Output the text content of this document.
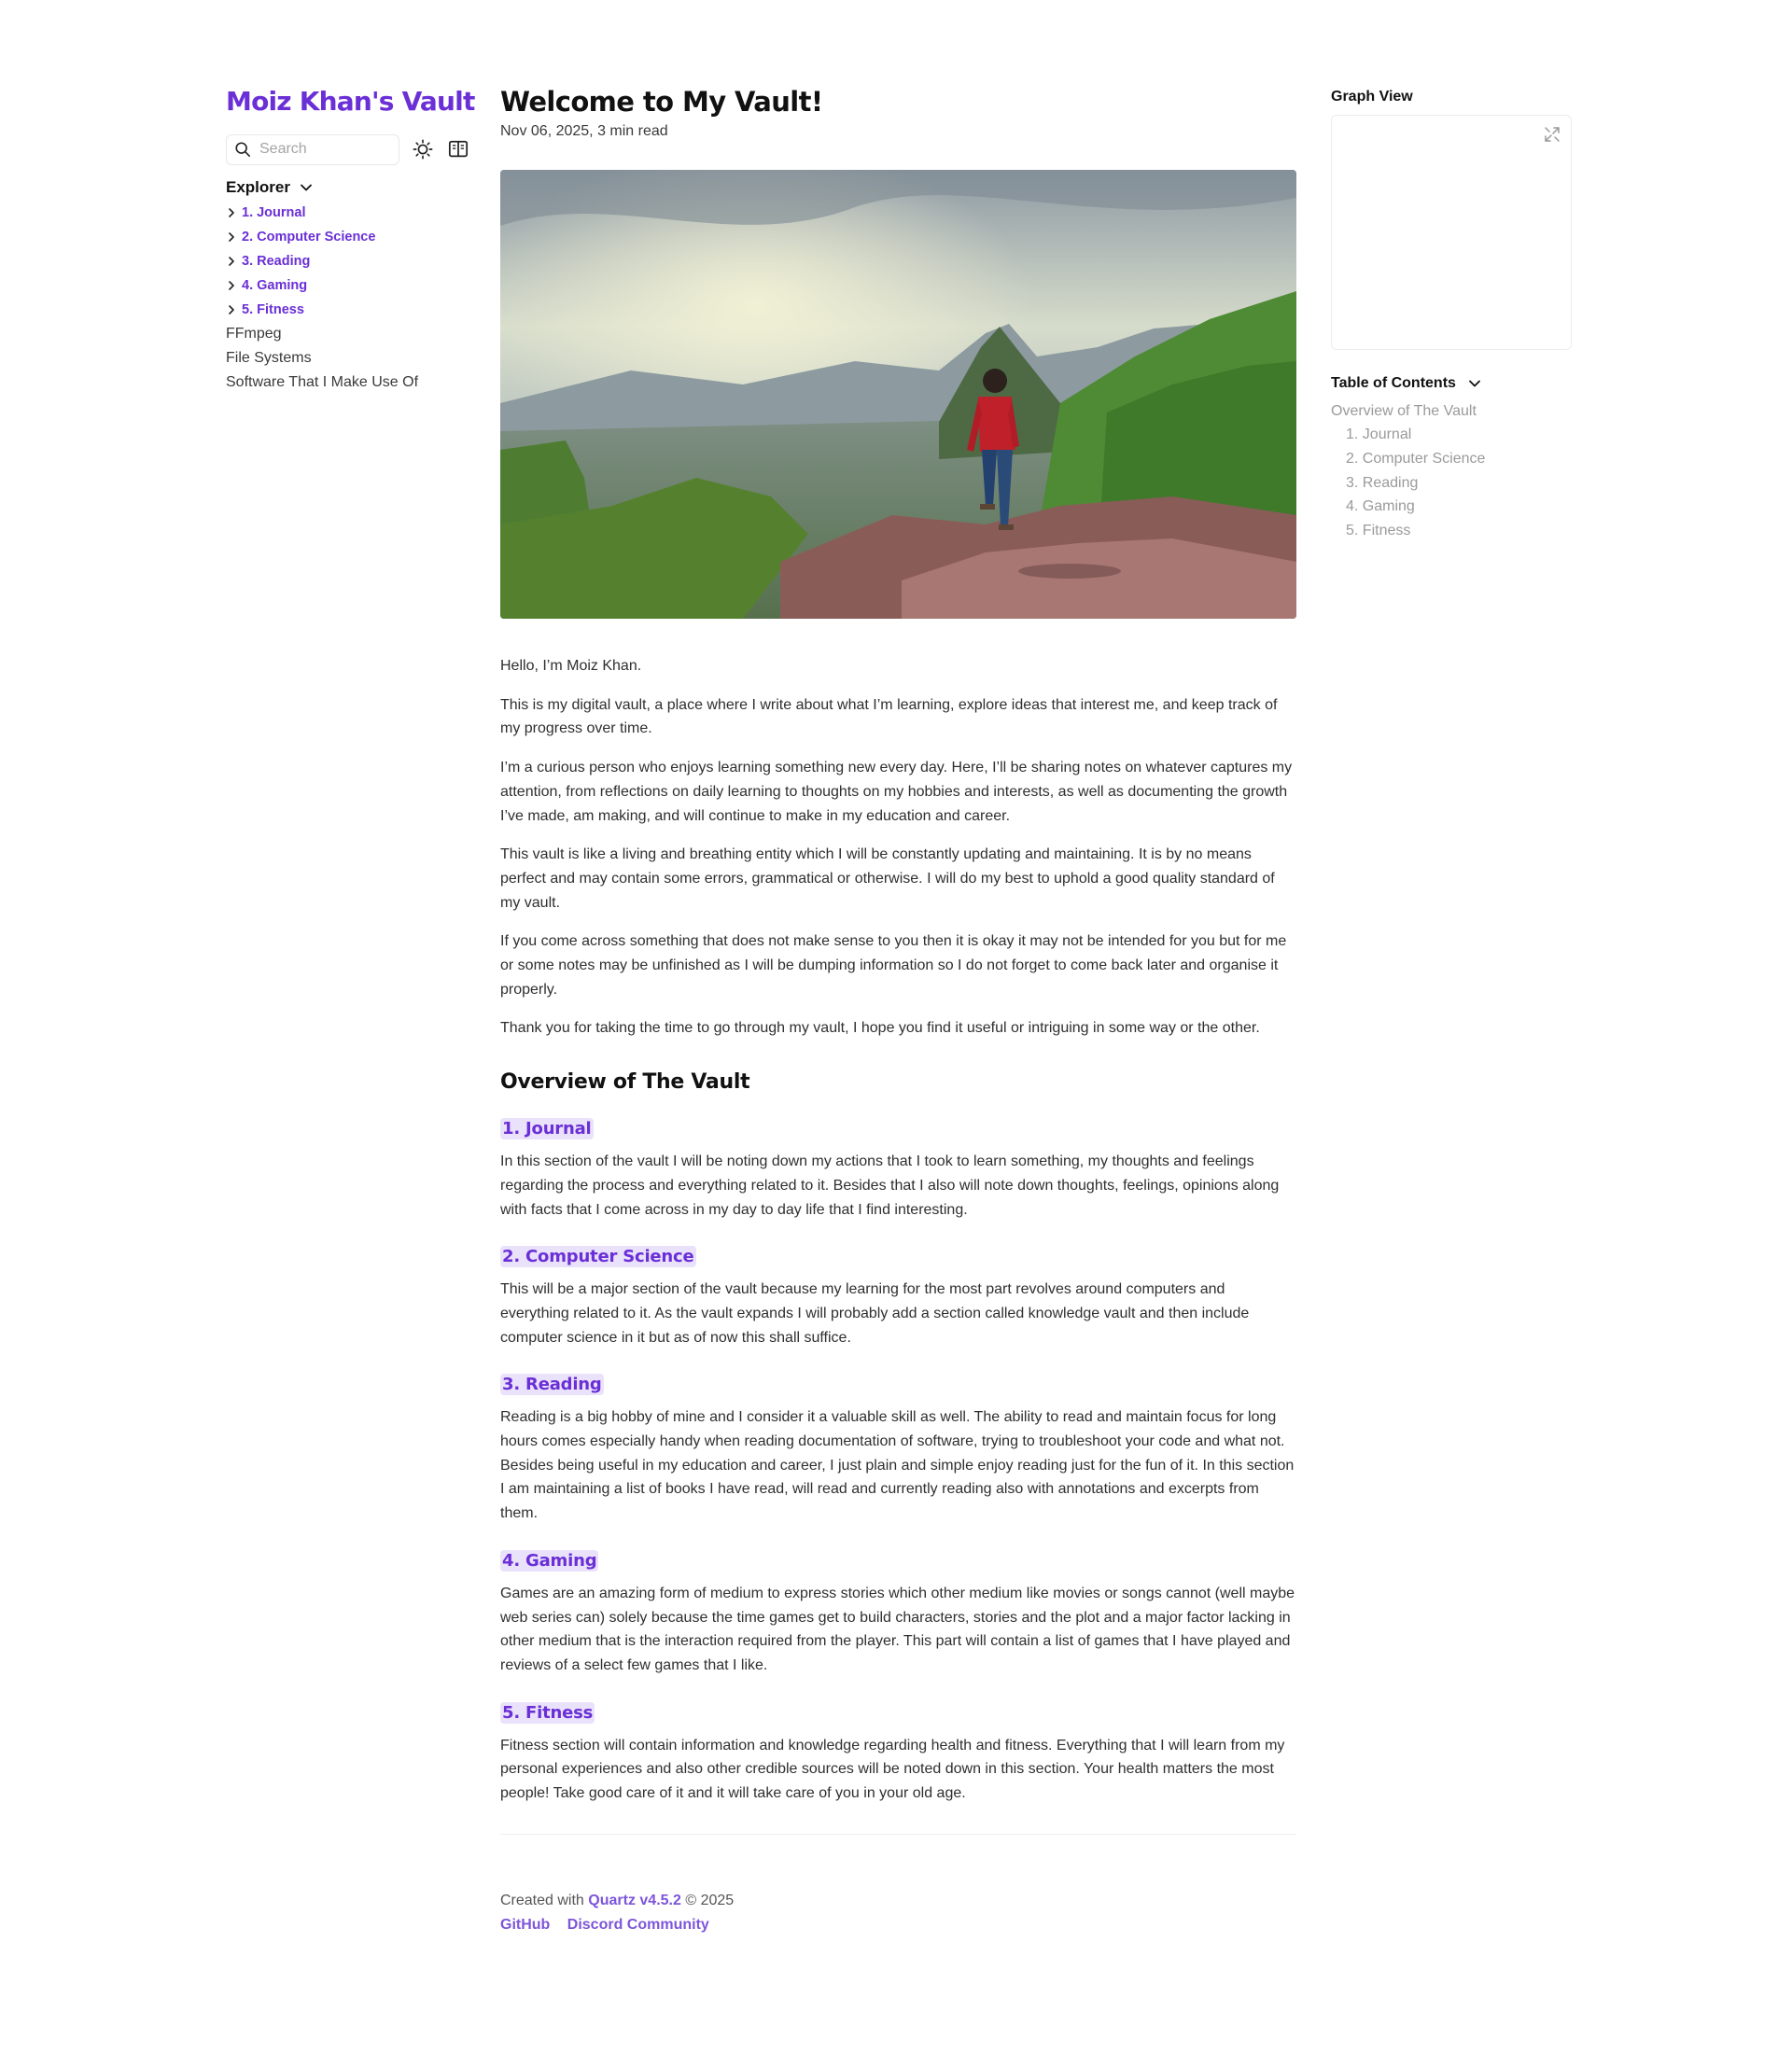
Moiz Khan's Vault
Search
Explorer
1. Journal
2. Computer Science
3. Reading
4. Gaming
5. Fitness
FFmpeg
File Systems
Software That I Make Use Of
Welcome to My Vault!
Nov 06, 2025, 3 min read

Hello, I’m Moiz Khan.

This is my digital vault, a place where I write about what I’m learning, explore ideas that interest me, and keep track of my progress over time.

I’m a curious person who enjoys learning something new every day. Here, I’ll be sharing notes on whatever captures my attention, from reflections on daily learning to thoughts on my hobbies and interests, as well as documenting the growth I’ve made, am making, and will continue to make in my education and career.

This vault is like a living and breathing entity which I will be constantly updating and maintaining. It is by no means perfect and may contain some errors, grammatical or otherwise. I will do my best to uphold a good quality standard of my vault.

If you come across something that does not make sense to you then it is okay it may not be intended for you but for me or some notes may be unfinished as I will be dumping information so I do not forget to come back later and organise it properly.

Thank you for taking the time to go through my vault, I hope you find it useful or intriguing in some way or the other.

Overview of The Vault
1. Journal

In this section of the vault I will be noting down my actions that I took to learn something, my thoughts and feelings regarding the process and everything related to it. Besides that I also will note down thoughts, feelings, opinions along with facts that I come across in my day to day life that I find interesting.

2. Computer Science

This will be a major section of the vault because my learning for the most part revolves around computers and everything related to it. As the vault expands I will probably add a section called knowledge vault and then include computer science in it but as of now this shall suffice.

3. Reading

Reading is a big hobby of mine and I consider it a valuable skill as well. The ability to read and maintain focus for long hours comes especially handy when reading documentation of software, trying to troubleshoot your code and what not. Besides being useful in my education and career, I just plain and simple enjoy reading just for the fun of it. In this section I am maintaining a list of books I have read, will read and currently reading also with annotations and excerpts from them.

4. Gaming

Games are an amazing form of medium to express stories which other medium like movies or songs cannot (well maybe web series can) solely because the time games get to build characters, stories and the plot and a major factor lacking in other medium that is the interaction required from the player. This part will contain a list of games that I have played and reviews of a select few games that I like.

5. Fitness

Fitness section will contain information and knowledge regarding health and fitness. Everything that I will learn from my personal experiences and also other credible sources will be noted down in this section. Your health matters the most people! Take good care of it and it will take care of you in your old age.

Created with Quartz v4.5.2 © 2025
GitHub Discord Community
Graph View
Table of Contents
Overview of The Vault
1. Journal
2. Computer Science
3. Reading
4. Gaming
5. Fitness
